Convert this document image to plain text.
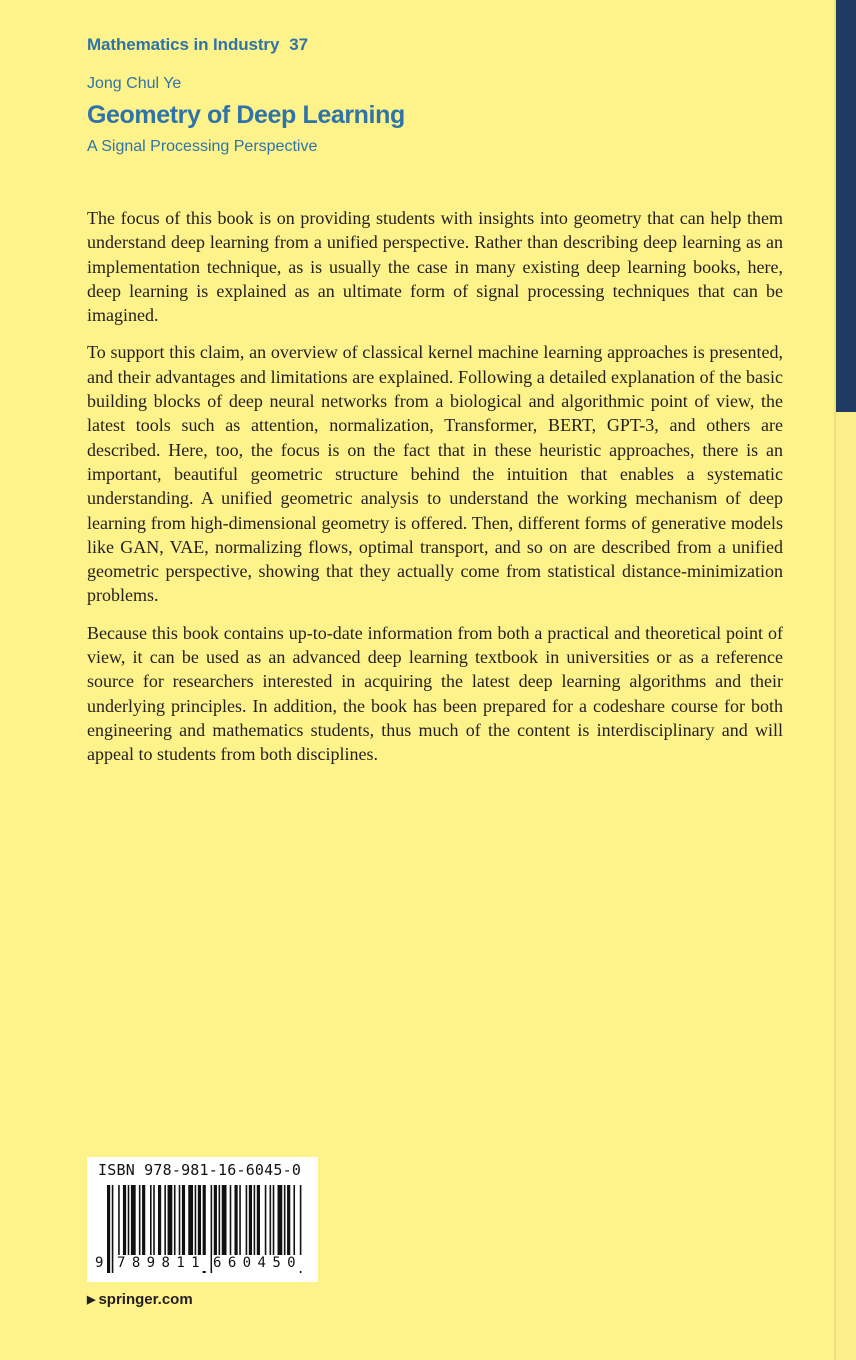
Mathematics in Industry 37
Jong Chul Ye
Geometry of Deep Learning
A Signal Processing Perspective

The focus of this book is on providing students with insights into geometry that can help them understand deep learning from a unified perspective. Rather than describing deep learning as an implementation technique, as is usually the case in many existing deep learning books, here, deep learning is explained as an ultimate form of signal processing techniques that can be imagined.

To support this claim, an overview of classical kernel machine learning approaches is presented, and their advantages and limitations are explained. Following a detailed explanation of the basic building blocks of deep neural networks from a biological and algorithmic point of view, the latest tools such as attention, normalization, Transformer, BERT, GPT-3, and others are described. Here, too, the focus is on the fact that in these heuristic approaches, there is an important, beautiful geometric structure behind the intuition that enables a systematic understanding. A unified geometric analysis to understand the working mechanism of deep learning from high-dimensional geometry is offered. Then, different forms of generative models like GAN, VAE, normalizing flows, optimal transport, and so on are described from a unified geometric perspective, showing that they actually come from statistical distance-minimization problems.

Because this book contains up-to-date information from both a practical and theoretical point of view, it can be used as an advanced deep learning textbook in universities or as a reference source for researchers interested in acquiring the latest deep learning algorithms and their underlying principles. In addition, the book has been prepared for a codeshare course for both engineering and mathematics students, thus much of the content is interdisciplinary and will appeal to students from both disciplines.

ISBN 978-981-16-6045-0
9 789811 660450
▶ springer.com
